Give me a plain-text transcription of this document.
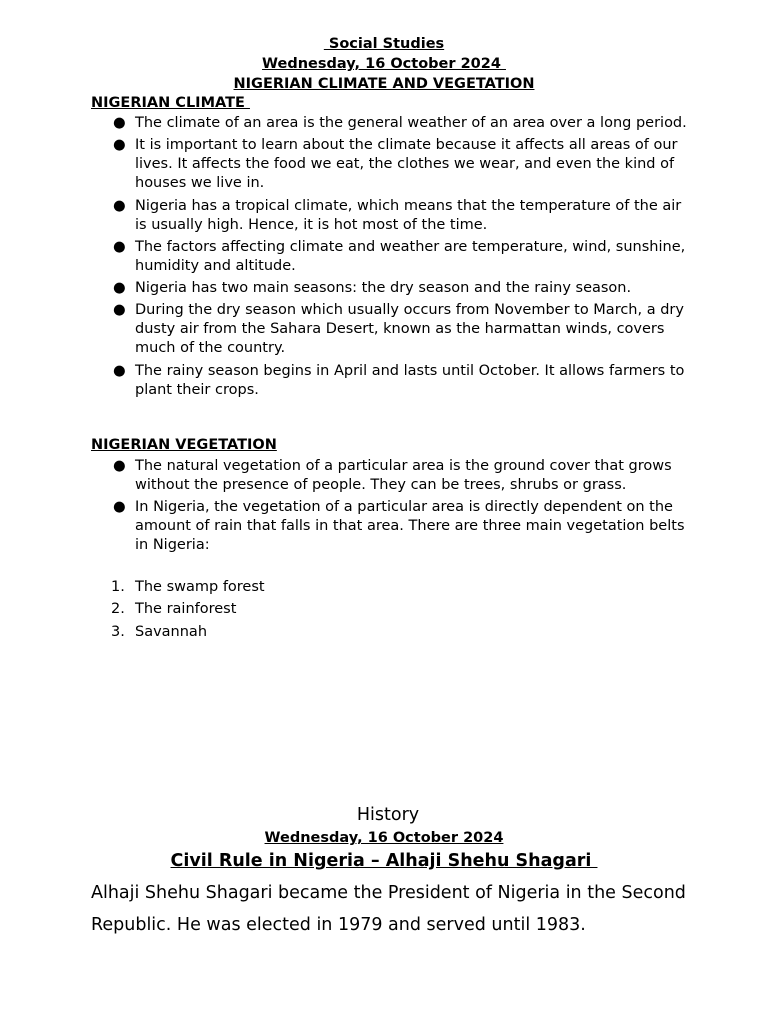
Social Studies
Wednesday, 16 October 2024
NIGERIAN CLIMATE AND VEGETATION
NIGERIAN CLIMATE
● The climate of an area is the general weather of an area over a long period.
● It is important to learn about the climate because it affects all areas of our lives. It affects the food we eat, the clothes we wear, and even the kind of houses we live in.
● Nigeria has a tropical climate, which means that the temperature of the air is usually high. Hence, it is hot most of the time.
● The factors affecting climate and weather are temperature, wind, sunshine, humidity and altitude.
● Nigeria has two main seasons: the dry season and the rainy season.
● During the dry season which usually occurs from November to March, a dry dusty air from the Sahara Desert, known as the harmattan winds, covers much of the country.
● The rainy season begins in April and lasts until October. It allows farmers to plant their crops.
NIGERIAN VEGETATION
● The natural vegetation of a particular area is the ground cover that grows without the presence of people. They can be trees, shrubs or grass.
● In Nigeria, the vegetation of a particular area is directly dependent on the amount of rain that falls in that area. There are three main vegetation belts in Nigeria:
1. The swamp forest
2. The rainforest
3. Savannah
History
Wednesday, 16 October 2024
Civil Rule in Nigeria – Alhaji Shehu Shagari
Alhaji Shehu Shagari became the President of Nigeria in the Second Republic. He was elected in 1979 and served until 1983.
